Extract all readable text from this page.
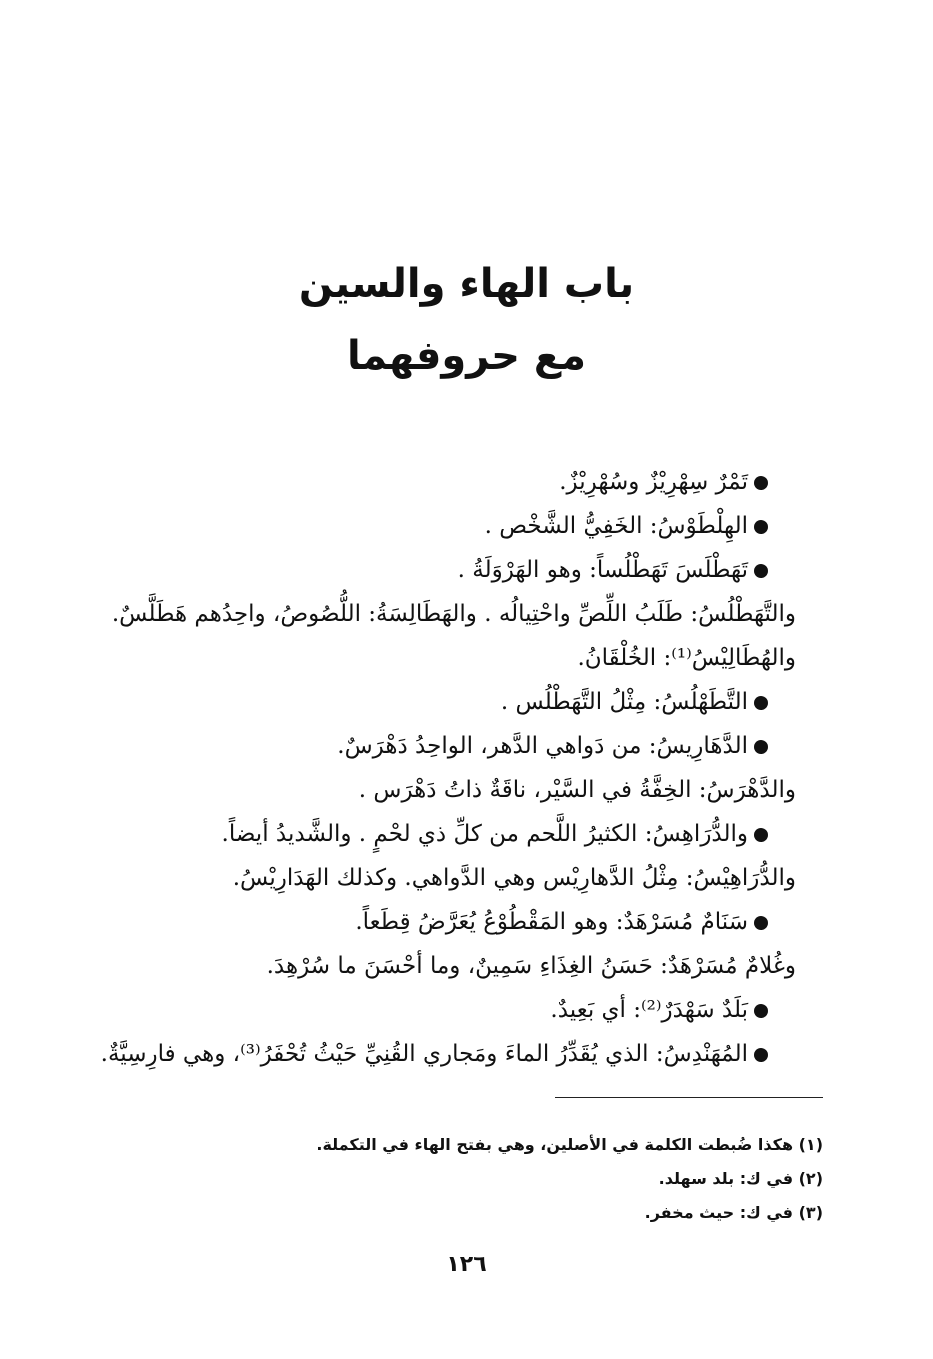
باب الهاء والسين
مع حروفهما
تَمْرٌ سِهْرِيْزٌ وسُهْرِيْزٌ.
الهِلْطَوْسُ: الخَفِيُّ الشَّخْص .
تَهَطْلَسَ تَهَطْلُساً: وهو الهَرْوَلَةُ .
والتَّهَطْلُسُ: طَلَبُ اللِّصِّ واحْتِيالُه . والهَطَالِسَةُ: اللُّصُوصُ، واحِدُهم هَطَلَّسٌ.
والهُطَالِيْسُ⁽¹⁾: الخُلْقَانُ.
التَّطَهْلُسُ: مِثْلُ التَّهَطْلُس .
الدَّهَارِيسُ: من دَواهي الدَّهر، الواحِدُ دَهْرَسٌ.
والدَّهْرَسُ: الخِفَّةُ في السَّيْر، ناقَةٌ ذاتُ دَهْرَس .
والدُّرَاهِسُ: الكثيرُ اللَّحم من كلِّ ذي لحْمٍ . والشَّديدُ أيضاً.
والدُّرَاهِيْسُ: مِثْلُ الدَّهارِيْس وهي الدَّواهي. وكذلك الهَدَارِيْسُ.
سَنَامٌ مُسَرْهَدٌ: وهو المَقْطُوْعُ يُعَرَّضُ قِطَعاً.
وغُلامٌ مُسَرْهَدٌ: حَسَنُ الغِذَاءِ سَمِينٌ، وما أحْسَنَ ما سُرْهِدَ.
بَلَدٌ سَهْدَرٌ⁽²⁾: أي بَعِيدٌ.
المُهَنْدِسُ: الذي يُقَدِّرُ الماءَ ومَجاري القُنِيِّ حَيْثُ تُحْفَرُ⁽³⁾، وهي فارِسِيَّةٌ.
(١) هكذا ضُبطت الكلمة في الأصلين، وهي بفتح الهاء في التكملة.
(٢) في ك: بلد سهلد.
(٣) في ك: حيث مخفر.
١٢٦
